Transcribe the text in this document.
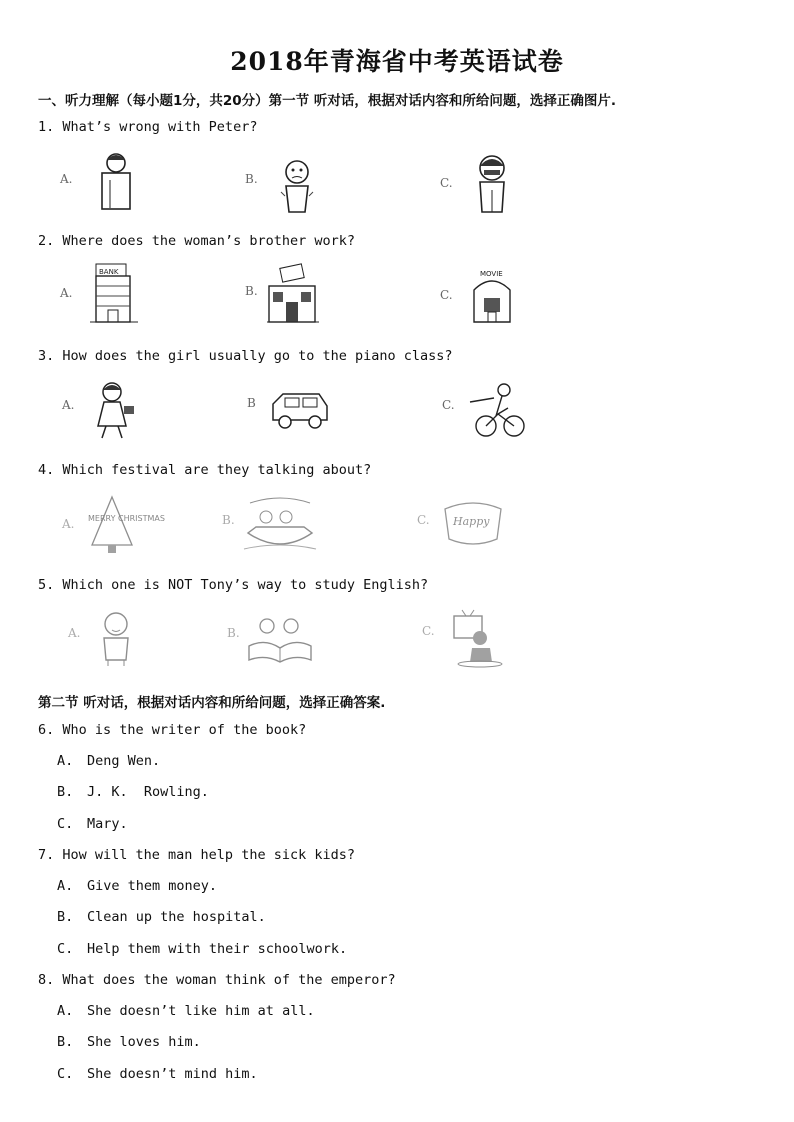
2018年青海省中考英语试卷
一、听力理解（每小题1分，共20分）第一节 听对话，根据对话内容和所给问题，选择正确图片.
1. What’s wrong with Peter?
A.	B.	C.
2. Where does the woman’s brother work?
A.
BANK
B.	C.
MOVIE
3. How does the girl usually go to the piano class?
A.	B	C.
4. Which festival are they talking about?
A. MERRY CHRISTMAS	B.	C. Happy
5. Which one is NOT Tony’s way to study English?
A.	B.	C.
第二节 听对话，根据对话内容和所给问题，选择正确答案.
6. Who is the writer of the book?
A. Deng Wen.
B. J. K.  Rowling.
C. Mary.
7. How will the man help the sick kids?
A. Give them money.
B. Clean up the hospital.
C. Help them with their schoolwork.
8. What does the woman think of the emperor?
A. She doesn’t like him at all.
B. She loves him.
C. She doesn’t mind him.
